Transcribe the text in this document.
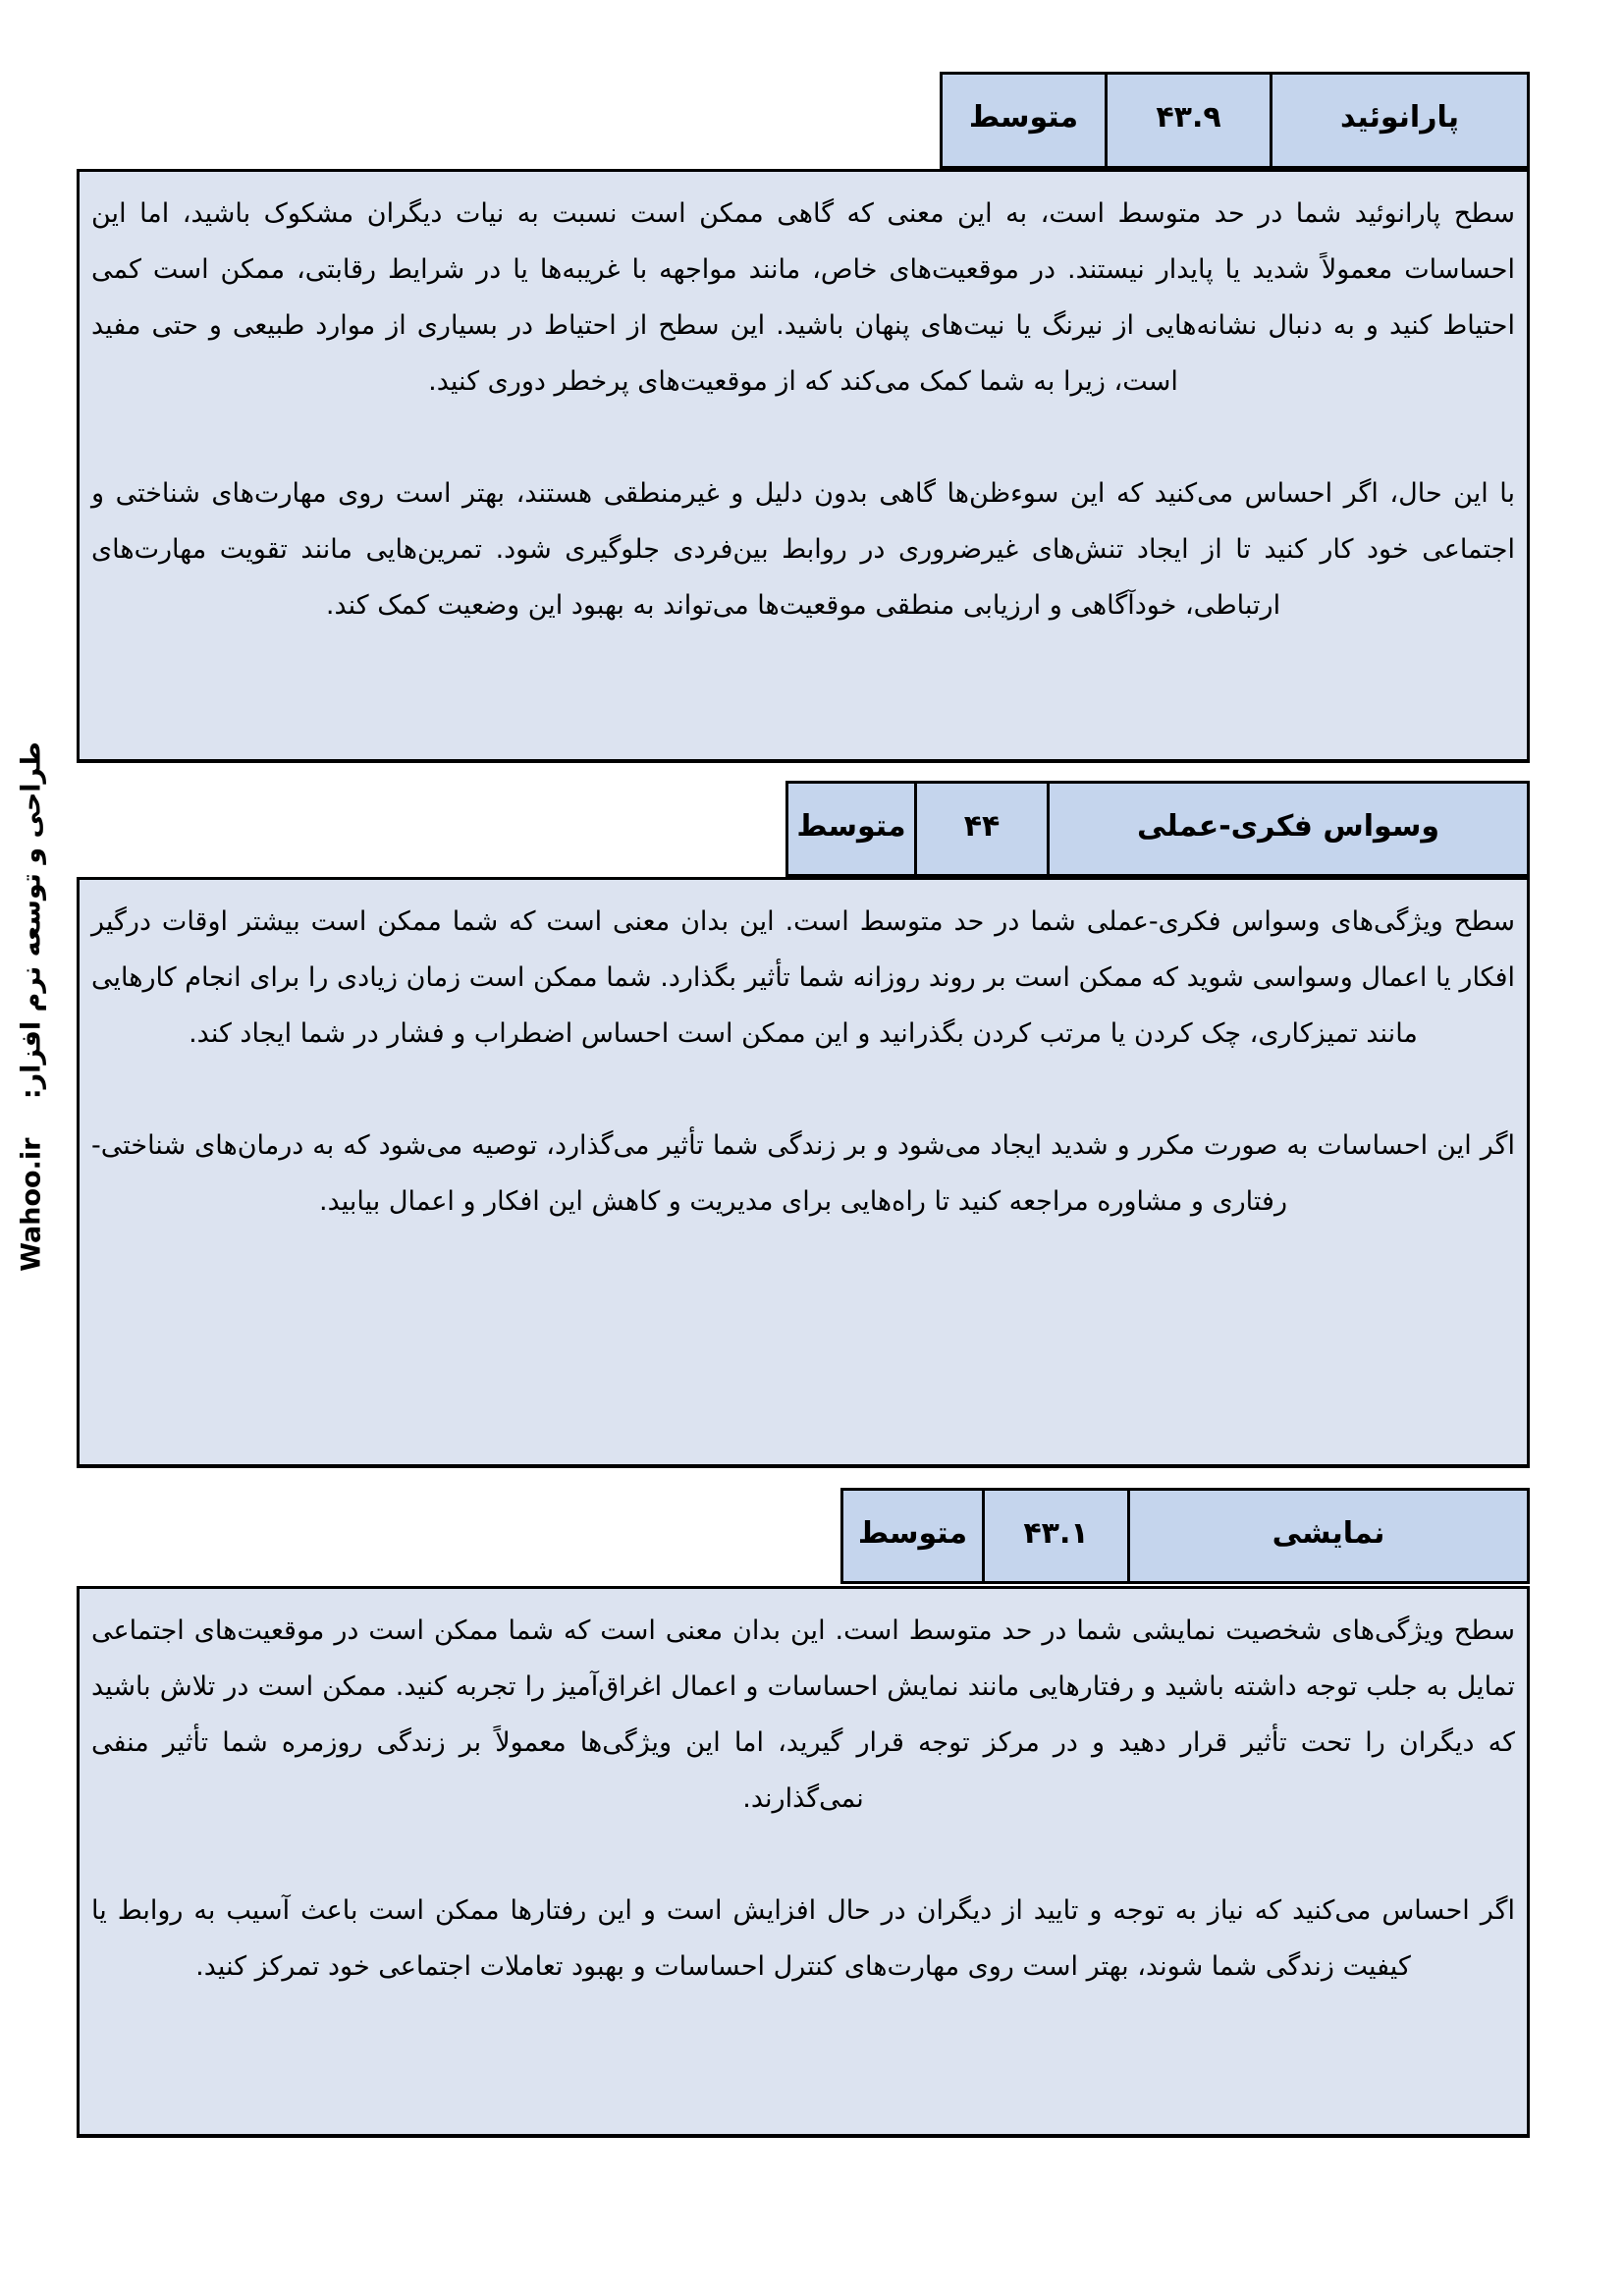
طراحی و توسعه نرم افزار: Wahoo.ir
پارانوئید
۴۳.۹
متوسط

سطح پارانوئید شما در حد متوسط است، به این معنی که گاهی ممکن است نسبت به نیات دیگران مشکوک باشید، اما این احساسات معمولاً شدید یا پایدار نیستند. در موقعیت‌های خاص، مانند مواجهه با غریبه‌ها یا در شرایط رقابتی، ممکن است کمی احتیاط کنید و به دنبال نشانه‌هایی از نیرنگ یا نیت‌های پنهان باشید. این سطح از احتیاط در بسیاری از موارد طبیعی و حتی مفید است، زیرا به شما کمک می‌کند که از موقعیت‌های پرخطر دوری کنید.

با این حال، اگر احساس می‌کنید که این سوءظن‌ها گاهی بدون دلیل و غیرمنطقی هستند، بهتر است روی مهارت‌های شناختی و اجتماعی خود کار کنید تا از ایجاد تنش‌های غیرضروری در روابط بین‌فردی جلوگیری شود. تمرین‌هایی مانند تقویت مهارت‌های ارتباطی، خودآگاهی و ارزیابی منطقی موقعیت‌ها می‌تواند به بهبود این وضعیت کمک کند.

وسواس فکری-عملی
۴۴
متوسط

سطح ویژگی‌های وسواس فکری-عملی شما در حد متوسط است. این بدان معنی است که شما ممکن است بیشتر اوقات درگیر افکار یا اعمال وسواسی شوید که ممکن است بر روند روزانه شما تأثیر بگذارد. شما ممکن است زمان زیادی را برای انجام کارهایی مانند تمیزکاری، چک کردن یا مرتب کردن بگذرانید و این ممکن است احساس اضطراب و فشار در شما ایجاد کند.

اگر این احساسات به صورت مکرر و شدید ایجاد می‌شود و بر زندگی شما تأثیر می‌گذارد، توصیه می‌شود که به درمان‌های شناختی-رفتاری و مشاوره مراجعه کنید تا راه‌هایی برای مدیریت و کاهش این افکار و اعمال بیابید.

نمایشی
۴۳.۱
متوسط

سطح ویژگی‌های شخصیت نمایشی شما در حد متوسط است. این بدان معنی است که شما ممکن است در موقعیت‌های اجتماعی تمایل به جلب توجه داشته باشید و رفتارهایی مانند نمایش احساسات و اعمال اغراق‌آمیز را تجربه کنید. ممکن است در تلاش باشید که دیگران را تحت تأثیر قرار دهید و در مرکز توجه قرار گیرید، اما این ویژگی‌ها معمولاً بر زندگی روزمره شما تأثیر منفی نمی‌گذارند.

اگر احساس می‌کنید که نیاز به توجه و تایید از دیگران در حال افزایش است و این رفتارها ممکن است باعث آسیب به روابط یا کیفیت زندگی شما شوند، بهتر است روی مهارت‌های کنترل احساسات و بهبود تعاملات اجتماعی خود تمرکز کنید.
